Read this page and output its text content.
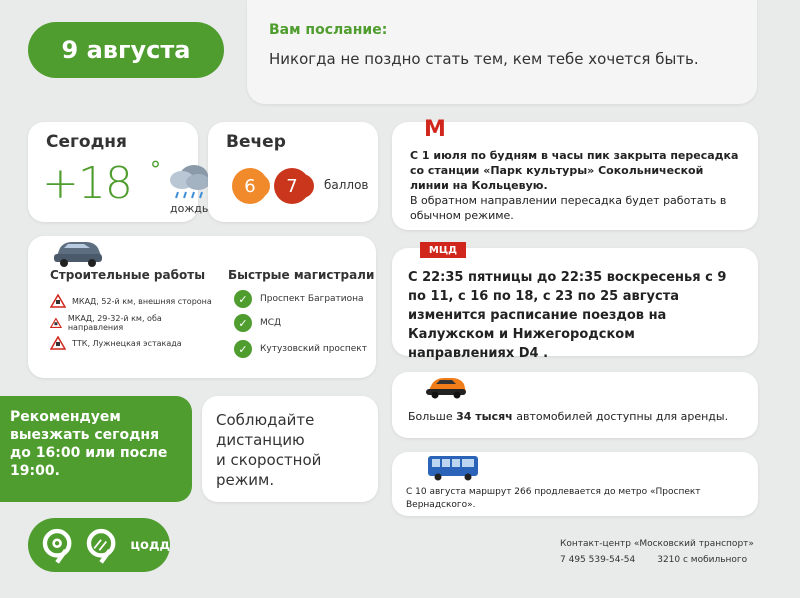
9 августа
Вам послание:
Никогда не поздно стать тем, кем тебе хочется быть.
Сегодня
+18 °
дождь
Вечер
6	7	баллов
Строительные работы Быстрые магистрали
МКАД, 52-й км, внешняя сторона
МКАД, 29-32-й км, оба направления
ТТК, Лужнецкая эстакада
✓	Проспект Багратиона
✓	МСД
✓	Кутузовский проспект
Рекомендуем
выезжать сегодня
до 16:00 или после
19:00.
Соблюдайте
дистанцию
и скоростной
режим.
М
С 1 июля по будням в часы пик закрыта пересадка со станции «Парк культуры» Сокольнической линии на Кольцевую.
В обратном направлении пересадка будет работать в обычном режиме.
МЦД
С 22:35 пятницы до 22:35 воскресенья с 9 по 11, с 16 по 18, с 23 по 25 августа изменится расписание поездов на Калужском и Нижегородском направлениях D4 .
Больше 34 тысяч автомобилей доступны для аренды.
С 10 августа маршрут 266 продлевается до метро «Проспект Вернадского».
цодд	Контакт-центр «Московский транспорт»
7 495 539-54-54 3210 с мобильного
